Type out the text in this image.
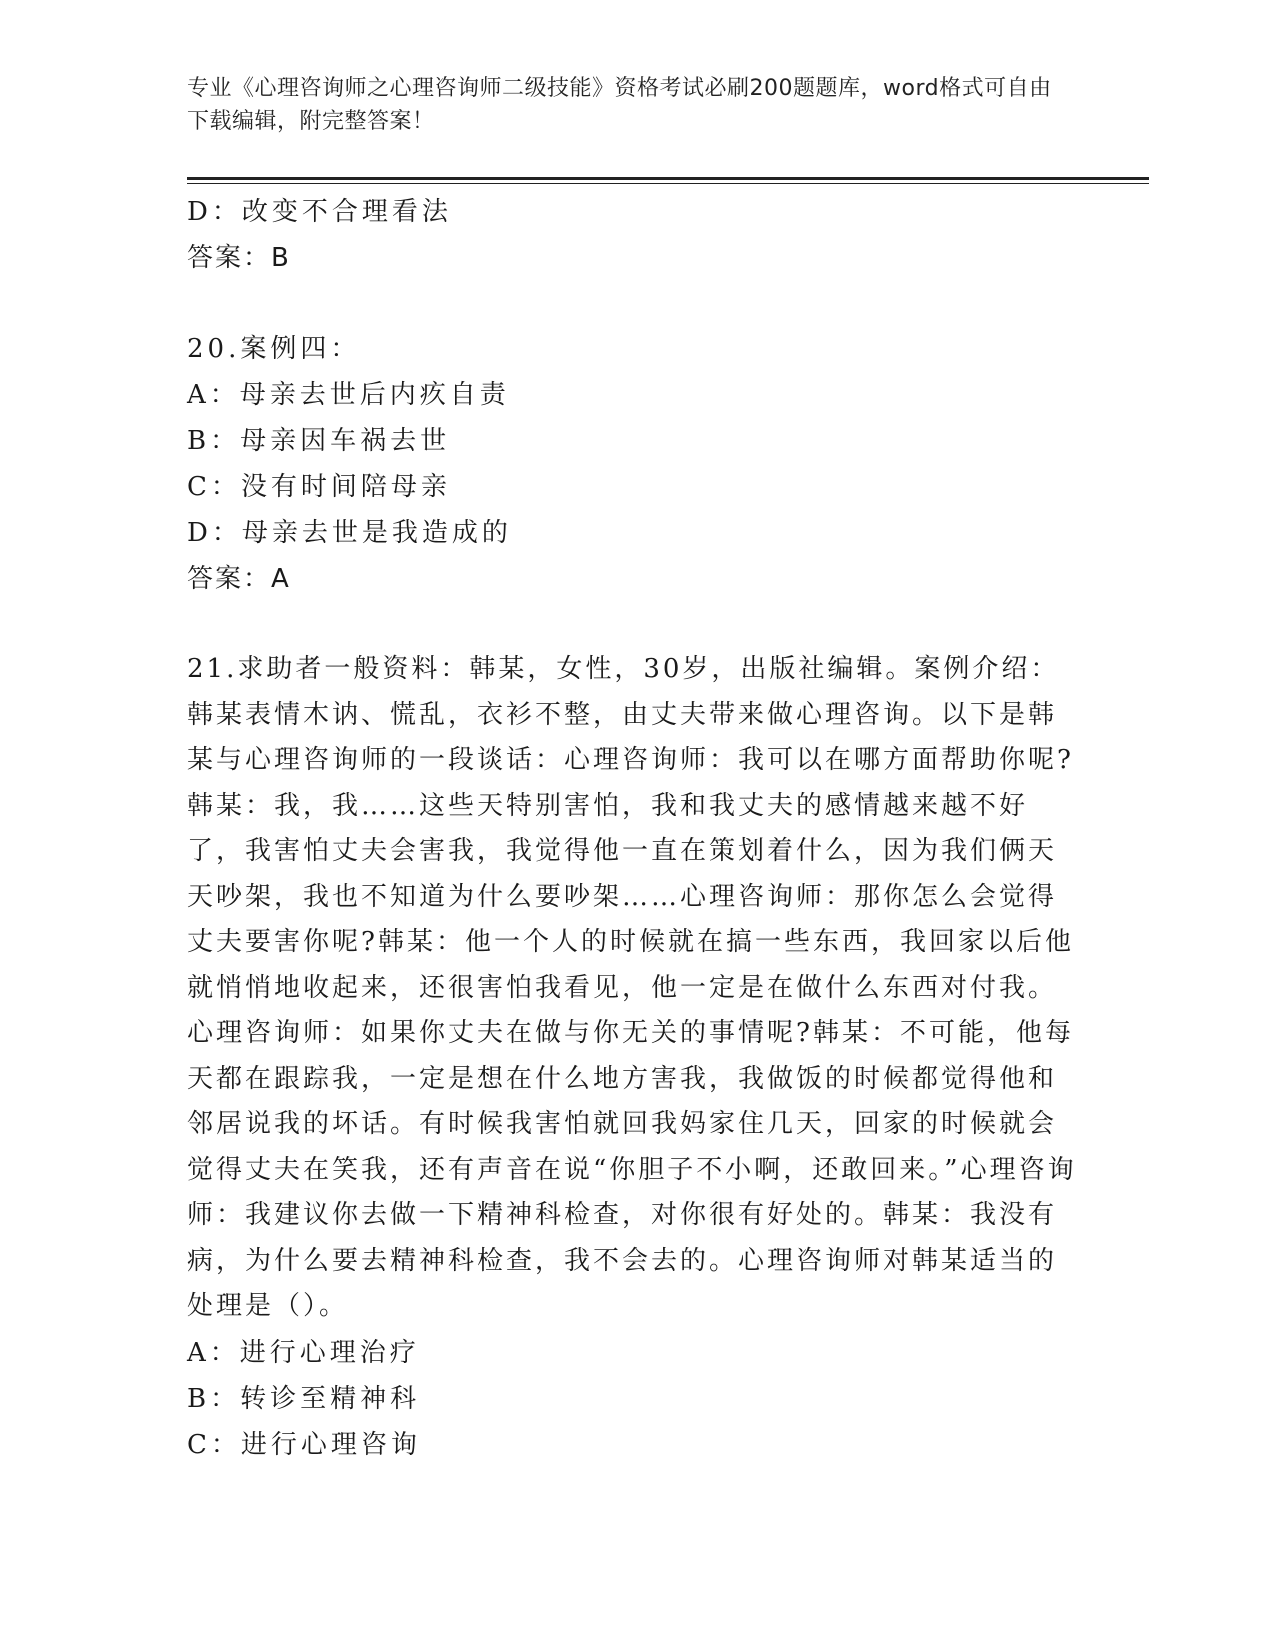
专业《心理咨询师之心理咨询师二级技能》资格考试必刷200题题库，word格式可自由下载编辑，附完整答案！
D：改变不合理看法
答案：B
20.案例四：
A：母亲去世后内疚自责
B：母亲因车祸去世
C：没有时间陪母亲
D：母亲去世是我造成的
答案：A
21.求助者一般资料：韩某，女性，30岁，出版社编辑。案例介绍：韩某表情木讷、慌乱，衣衫不整，由丈夫带来做心理咨询。以下是韩某与心理咨询师的一段谈话：心理咨询师：我可以在哪方面帮助你呢?韩某：我，我……这些天特别害怕，我和我丈夫的感情越来越不好了，我害怕丈夫会害我，我觉得他一直在策划着什么，因为我们俩天天吵架，我也不知道为什么要吵架……心理咨询师：那你怎么会觉得丈夫要害你呢?韩某：他一个人的时候就在搞一些东西，我回家以后他就悄悄地收起来，还很害怕我看见，他一定是在做什么东西对付我。心理咨询师：如果你丈夫在做与你无关的事情呢?韩某：不可能，他每天都在跟踪我，一定是想在什么地方害我，我做饭的时候都觉得他和邻居说我的坏话。有时候我害怕就回我妈家住几天，回家的时候就会觉得丈夫在笑我，还有声音在说“你胆子不小啊，还敢回来。”心理咨询师：我建议你去做一下精神科检查，对你很有好处的。韩某：我没有病，为什么要去精神科检查，我不会去的。心理咨询师对韩某适当的处理是（）。
A：进行心理治疗
B：转诊至精神科
C：进行心理咨询
